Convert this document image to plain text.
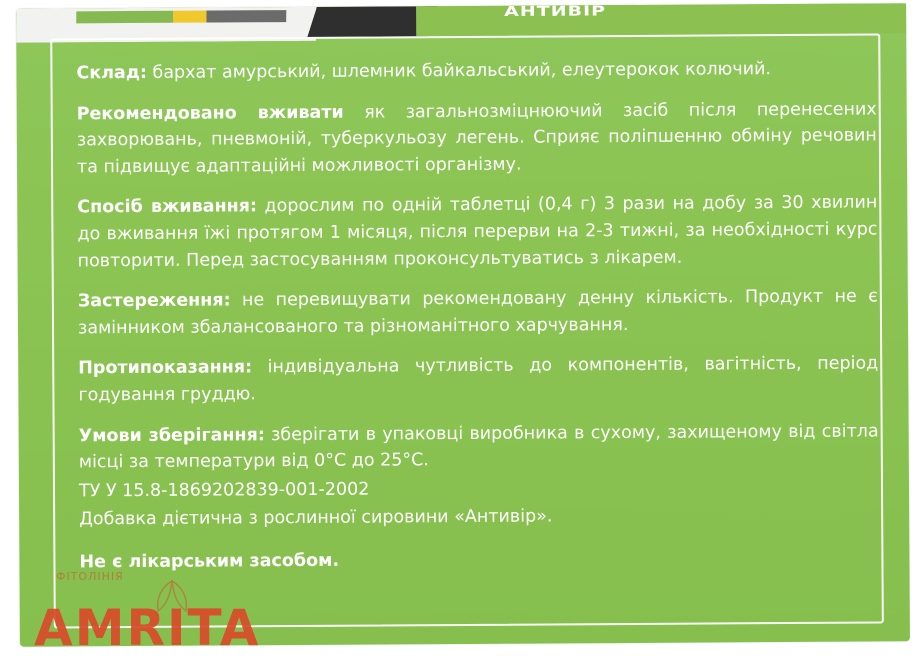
АНТИВІР
Склад: бархат амурський, шлемник байкальський, елеутерокок колючий.
Рекомендовано вживати як загальнозміцнюючий засіб після перенесених захворювань, пневмоній, туберкульозу легень. Сприяє поліпшенню обміну речовин та підвищує адаптаційні можливості організму.
Спосіб вживання: дорослим по одній таблетці (0,4 г) 3 рази на добу за 30 хвилин до вживання їжі протягом 1 місяця, після перерви на 2-3 тижні, за необхідності курс повторити. Перед застосуванням проконсультуватись з лікарем.
Застереження: не перевищувати рекомендовану денну кількість. Продукт не є замінником збалансованого та різноманітного харчування.
Протипоказання: індивідуальна чутливість до компонентів, вагітність, період годування груддю.
Умови зберігання: зберігати в упаковці виробника в сухому, захищеному від світла місці за температури від 0°С до 25°С.
ТУ У 15.8-1869202839-001-2002
Добавка дієтична з рослинної сировини «Антивір».
Не є лікарським засобом.
ФІТОЛІНІЯ
AMRITA
